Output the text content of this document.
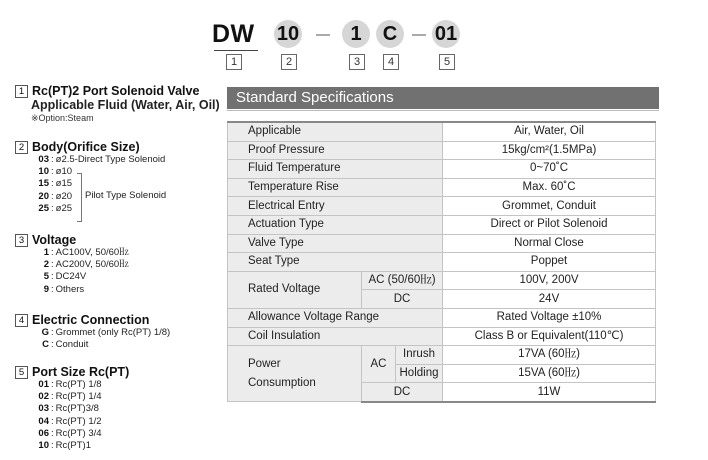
DW 10	1	C	01
1	2	3	4	5
1 Rc(PT)2 Port Solenoid Valve
Applicable Fluid (Water, Air, Oil)
※Option:Steam
2 Body(Orifice Size)
03 : ø2.5-Direct Type Solenoid
10 : ø10
15 : ø15
20 : ø20
25 : ø25
Pilot Type Solenoid
3 Voltage
1 : AC100V, 50/60㎐
2 : AC200V, 50/60㎐
5 : DC24V
9 : Others
4 Electric Connection
G : Grommet (only Rc(PT) 1/8)
C : Conduit
5 Port Size Rc(PT)
01 : Rc(PT) 1/8
02 : Rc(PT) 1/4
03 : Rc(PT)3/8
04 : Rc(PT) 1/2
06 : Rc(PT) 3/4
10 : Rc(PT)1
Standard Specifications
Applicable			Air, Water, Oil
Proof Pressure			15kg/cm²(1.5MPa)
Fluid Temperature			0~70˚C
Temperature Rise			Max. 60˚C
Electrical Entry			Grommet, Conduit
Actuation Type			Direct or Pilot Solenoid
Valve Type			Normal Close
Seat Type			Poppet
Rated Voltage	AC (50/60㎐)		100V, 200V
	DC		24V
Allowance Voltage Range			Rated Voltage ±10%
Coil Insulation			Class B or Equivalent(110℃)

Power
Consumption	AC	Inrush	17VA (60㎐)
		Holding	15VA (60㎐)
	DC		11W
